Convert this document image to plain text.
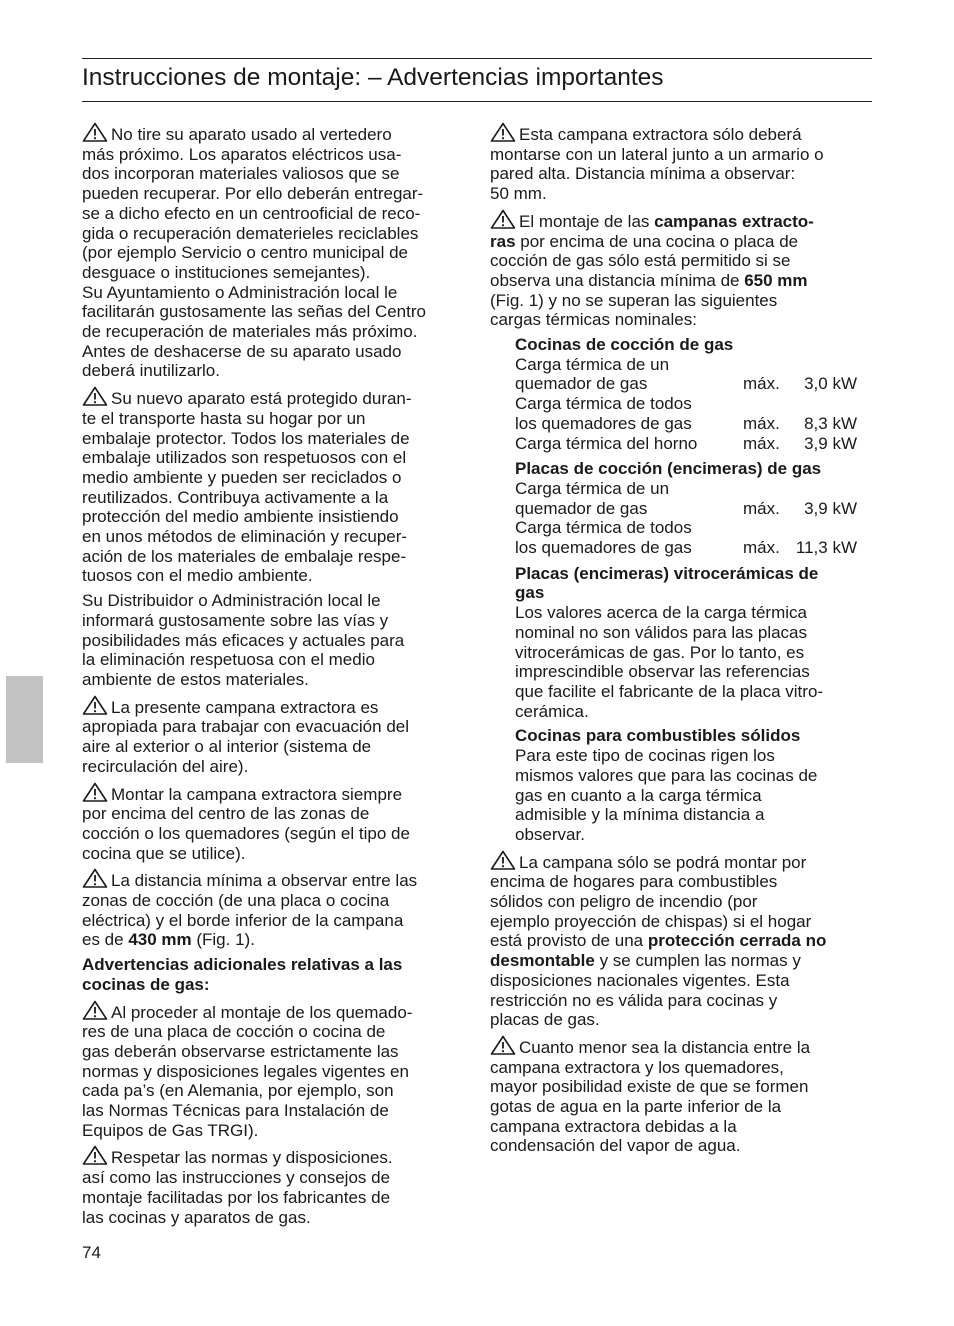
Instrucciones de montaje: – Advertencias importantes

No tire su aparato usado al vertedero
más próximo. Los aparatos eléctricos usa-
dos incorporan materiales valiosos que se
pueden recuperar. Por ello deberán entregar-
se a dicho efecto en un centrooficial de reco-
gida o recuperación dematerieles reciclables
(por ejemplo Servicio o centro municipal de
desguace o instituciones semejantes).
Su Ayuntamiento o Administración local le
facilitarán gustosamente las señas del Centro
de recuperación de materiales más próximo.
Antes de deshacerse de su aparato usado
deberá inutilizarlo.

Su nuevo aparato está protegido duran-
te el transporte hasta su hogar por un
embalaje protector. Todos los materiales de
embalaje utilizados son respetuosos con el
medio ambiente y pueden ser reciclados o
reutilizados. Contribuya activamente a la
protección del medio ambiente insistiendo
en unos métodos de eliminación y recuper-
ación de los materiales de embalaje respe-
tuosos con el medio ambiente.

Su Distribuidor o Administración local le
informará gustosamente sobre las vías y
posibilidades más eficaces y actuales para
la eliminación respetuosa con el medio
ambiente de estos materiales.

La presente campana extractora es
apropiada para trabajar con evacuación del
aire al exterior o al interior (sistema de
recirculación del aire).

Montar la campana extractora siempre
por encima del centro de las zonas de
cocción o los quemadores (según el tipo de
cocina que se utilice).

La distancia mínima a observar entre las
zonas de cocción (de una placa o cocina
eléctrica) y el borde inferior de la campana
es de 430 mm (Fig. 1).

Advertencias adicionales relativas a las
cocinas de gas:

Al proceder al montaje de los quemado-
res de una placa de cocción o cocina de
gas deberán observarse estrictamente las
normas y disposiciones legales vigentes en
cada pa’s (en Alemania, por ejemplo, son
las Normas Técnicas para Instalación de
Equipos de Gas TRGI).

Respetar las normas y disposiciones.
así como las instrucciones y consejos de
montaje facilitadas por los fabricantes de
las cocinas y aparatos de gas.

Esta campana extractora sólo deberá
montarse con un lateral junto a un armario o
pared alta. Distancia mínima a observar:
50 mm.

El montaje de las campanas extracto-
ras por encima de una cocina o placa de
cocción de gas sólo está permitido si se
observa una distancia mínima de 650 mm
(Fig. 1) y no se superan las siguientes
cargas térmicas nominales:

Cocinas de cocción de gas

Carga térmica de un
quemador de gas	máx.	3,0 kW
Carga térmica de todos
los quemadores de gas	máx.	8,3 kW
Carga térmica del horno	máx.	3,9 kW

Placas de cocción (encimeras) de gas

Carga térmica de un
quemador de gas	máx.	3,9 kW
Carga térmica de todos
los quemadores de gas	máx. 11,3 kW

Placas (encimeras) vitrocerámicas de
gas

Los valores acerca de la carga térmica
nominal no son válidos para las placas
vitrocerámicas de gas. Por lo tanto, es
imprescindible observar las referencias
que facilite el fabricante de la placa vitro-
cerámica.

Cocinas para combustibles sólidos

Para este tipo de cocinas rigen los
mismos valores que para las cocinas de
gas en cuanto a la carga térmica
admisible y la mínima distancia a
observar.

La campana sólo se podrá montar por
encima de hogares para combustibles
sólidos con peligro de incendio (por
ejemplo proyección de chispas) si el hogar
está provisto de una protección cerrada no
desmontable y se cumplen las normas y
disposiciones nacionales vigentes. Esta
restricción no es válida para cocinas y
placas de gas.

Cuanto menor sea la distancia entre la
campana extractora y los quemadores,
mayor posibilidad existe de que se formen
gotas de agua en la parte inferior de la
campana extractora debidas a la
condensación del vapor de agua.

74
